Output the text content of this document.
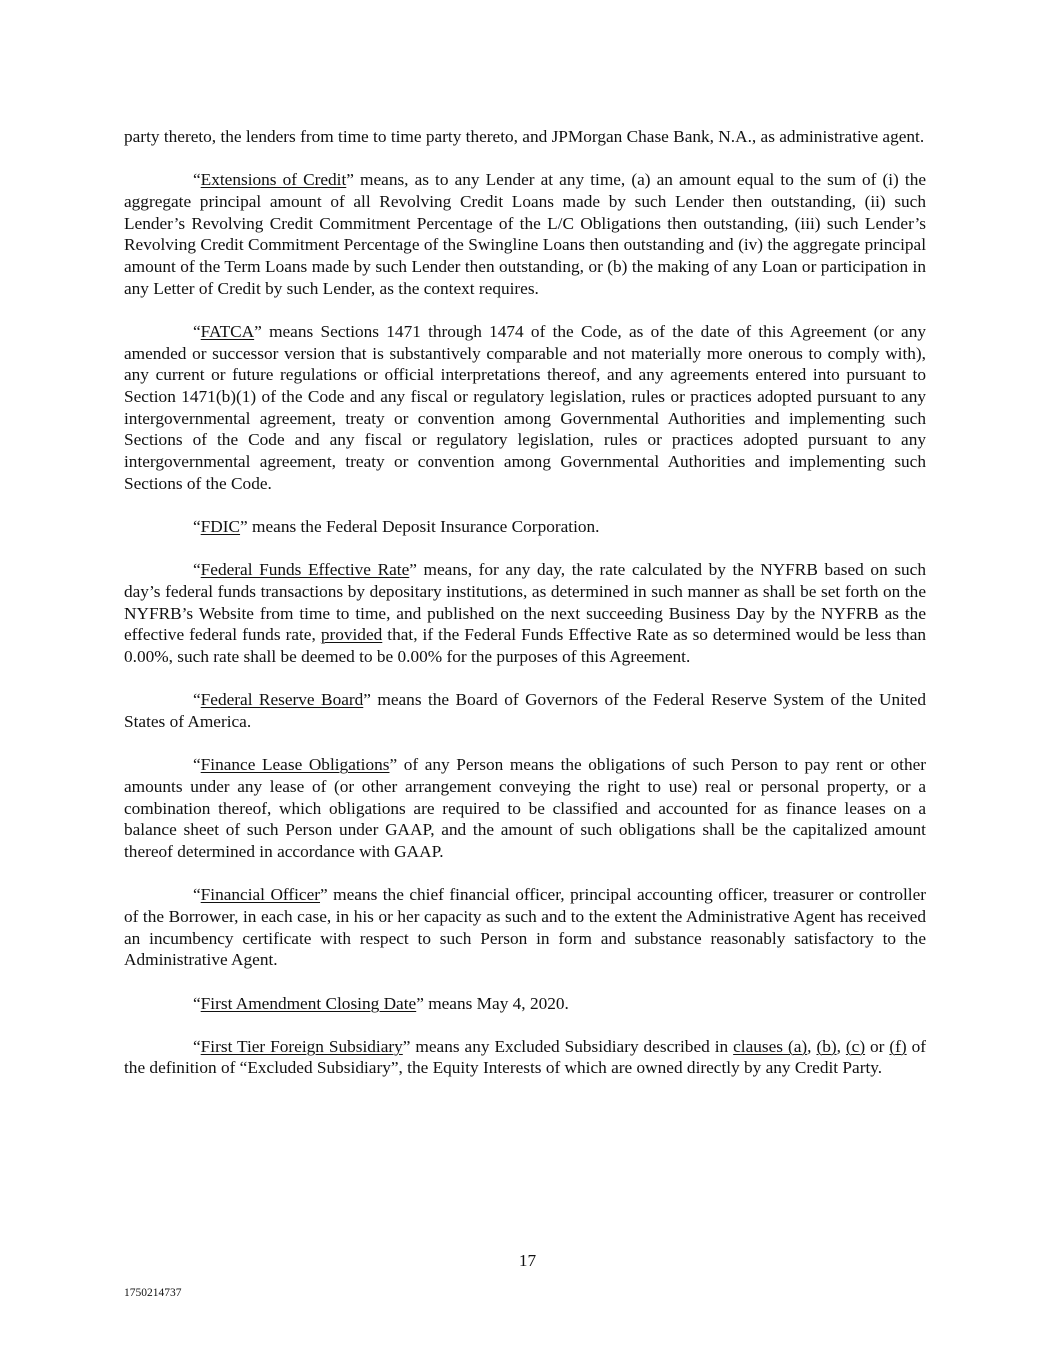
party thereto, the lenders from time to time party thereto, and JPMorgan Chase Bank, N.A., as administrative agent.

“Extensions of Credit” means, as to any Lender at any time, (a) an amount equal to the sum of (i) the aggregate principal amount of all Revolving Credit Loans made by such Lender then outstanding, (ii) such Lender’s Revolving Credit Commitment Percentage of the L/C Obligations then outstanding, (iii) such Lender’s Revolving Credit Commitment Percentage of the Swingline Loans then outstanding and (iv) the aggregate principal amount of the Term Loans made by such Lender then outstanding, or (b) the making of any Loan or participation in any Letter of Credit by such Lender, as the context requires.

“FATCA” means Sections 1471 through 1474 of the Code, as of the date of this Agreement (or any amended or successor version that is substantively comparable and not materially more onerous to comply with), any current or future regulations or official interpretations thereof, and any agreements entered into pursuant to Section 1471(b)(1) of the Code and any fiscal or regulatory legislation, rules or practices adopted pursuant to any intergovernmental agreement, treaty or convention among Governmental Authorities and implementing such Sections of the Code and any fiscal or regulatory legislation, rules or practices adopted pursuant to any intergovernmental agreement, treaty or convention among Governmental Authorities and implementing such Sections of the Code.

“FDIC” means the Federal Deposit Insurance Corporation.

“Federal Funds Effective Rate” means, for any day, the rate calculated by the NYFRB based on such day’s federal funds transactions by depositary institutions, as determined in such manner as shall be set forth on the NYFRB’s Website from time to time, and published on the next succeeding Business Day by the NYFRB as the effective federal funds rate, provided that, if the Federal Funds Effective Rate as so determined would be less than 0.00%, such rate shall be deemed to be 0.00% for the purposes of this Agreement.

“Federal Reserve Board” means the Board of Governors of the Federal Reserve System of the United States of America.

“Finance Lease Obligations” of any Person means the obligations of such Person to pay rent or other amounts under any lease of (or other arrangement conveying the right to use) real or personal property, or a combination thereof, which obligations are required to be classified and accounted for as finance leases on a balance sheet of such Person under GAAP, and the amount of such obligations shall be the capitalized amount thereof determined in accordance with GAAP.

“Financial Officer” means the chief financial officer, principal accounting officer, treasurer or controller of the Borrower, in each case, in his or her capacity as such and to the extent the Administrative Agent has received an incumbency certificate with respect to such Person in form and substance reasonably satisfactory to the Administrative Agent.

“First Amendment Closing Date” means May 4, 2020.

“First Tier Foreign Subsidiary” means any Excluded Subsidiary described in clauses (a), (b), (c) or (f) of the definition of “Excluded Subsidiary”, the Equity Interests of which are owned directly by any Credit Party.

17
1750214737
